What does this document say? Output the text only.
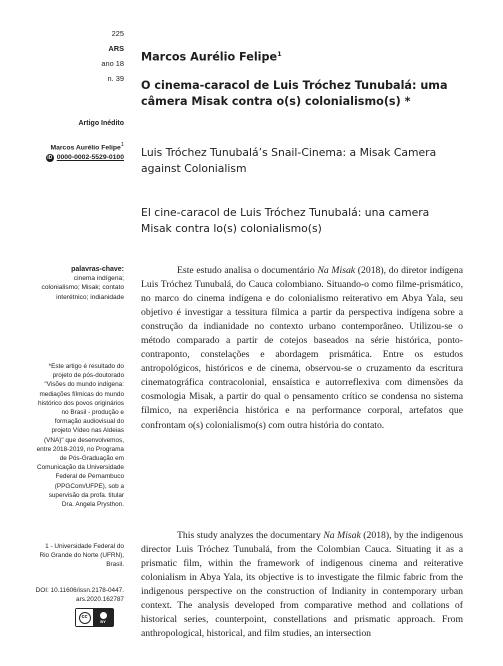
225
ARS
ano 18
n. 39
Artigo Inédito
Marcos Aurélio Felipe$^1$
iD 0000-0002-5529-0100
palavras-chave:
cinema indígena;
colonialismo; Misak; contato
interétnico; indianidade
*Este artigo é resultado do
projeto de pós-doutorado
"Visões do mundo indígena:
mediações fílmicas do mundo
histórico dos povos originários
no Brasil - produção e
formação audiovisual do
projeto Vídeo nas Aldeias
(VNA)" que desenvolvemos,
entre 2018-2019, no Programa
de Pós-Graduação em
Comunicação da Universidade
Federal de Pernambuco
(PPGCom/UFPE), sob a
supervisão da profa. titular
Dra. Angela Prysthon.
1 - Universidade Federal do
Rio Grande do Norte (UFRN),
Brasil.
DOI: 10.11606/issn.2178-0447.
ars.2020.162787
cc
BY
Marcos Aurélio Felipe$^1$
O cinema-caracol de Luis Tróchez Tunubalá: uma câmera Misak contra o(s) colonialismo(s) *
Luis Tróchez Tunubalá’s Snail-Cinema: a Misak Camera against Colonialism
El cine-caracol de Luis Tróchez Tunubalá: una camera Misak contra lo(s) colonialismo(s)

Este estudo analisa o documentário Na Misak (2018), do diretor indígena Luis Tróchez Tunubalá, do Cauca colombiano. Situando-o como filme-prismático, no marco do cinema indígena e do colonialismo reiterativo em Abya Yala, seu objetivo é investigar a tessitura fílmica a partir da perspectiva indígena sobre a construção da indianidade no contexto urbano contemporâneo. Utilizou-se o método comparado a partir de cotejos baseados na série histórica, ponto-contraponto, constelações e abordagem prismática. Entre os estudos antropológicos, históricos e de cinema, observou-se o cruzamento da escritura cinematográfica contracolonial, ensaística e autorreflexiva com dimensões da cosmologia Misak, a partir do qual o pensamento crítico se condensa no sistema fílmico, na experiência histórica e na performance corporal, artefatos que confrontam o(s) colonialismo(s) com outra história do contato.

This study analyzes the documentary Na Misak (2018), by the indigenous director Luis Tróchez Tunubalá, from the Colombian Cauca. Situating it as a prismatic film, within the framework of indigenous cinema and reiterative colonialism in Abya Yala, its objective is to investigate the filmic fabric from the indigenous perspective on the construction of Indianity in contemporary urban context. The analysis developed from comparative method and collations of historical series, counterpoint, constellations and prismatic approach. From anthropological, historical, and film studies, an intersection
